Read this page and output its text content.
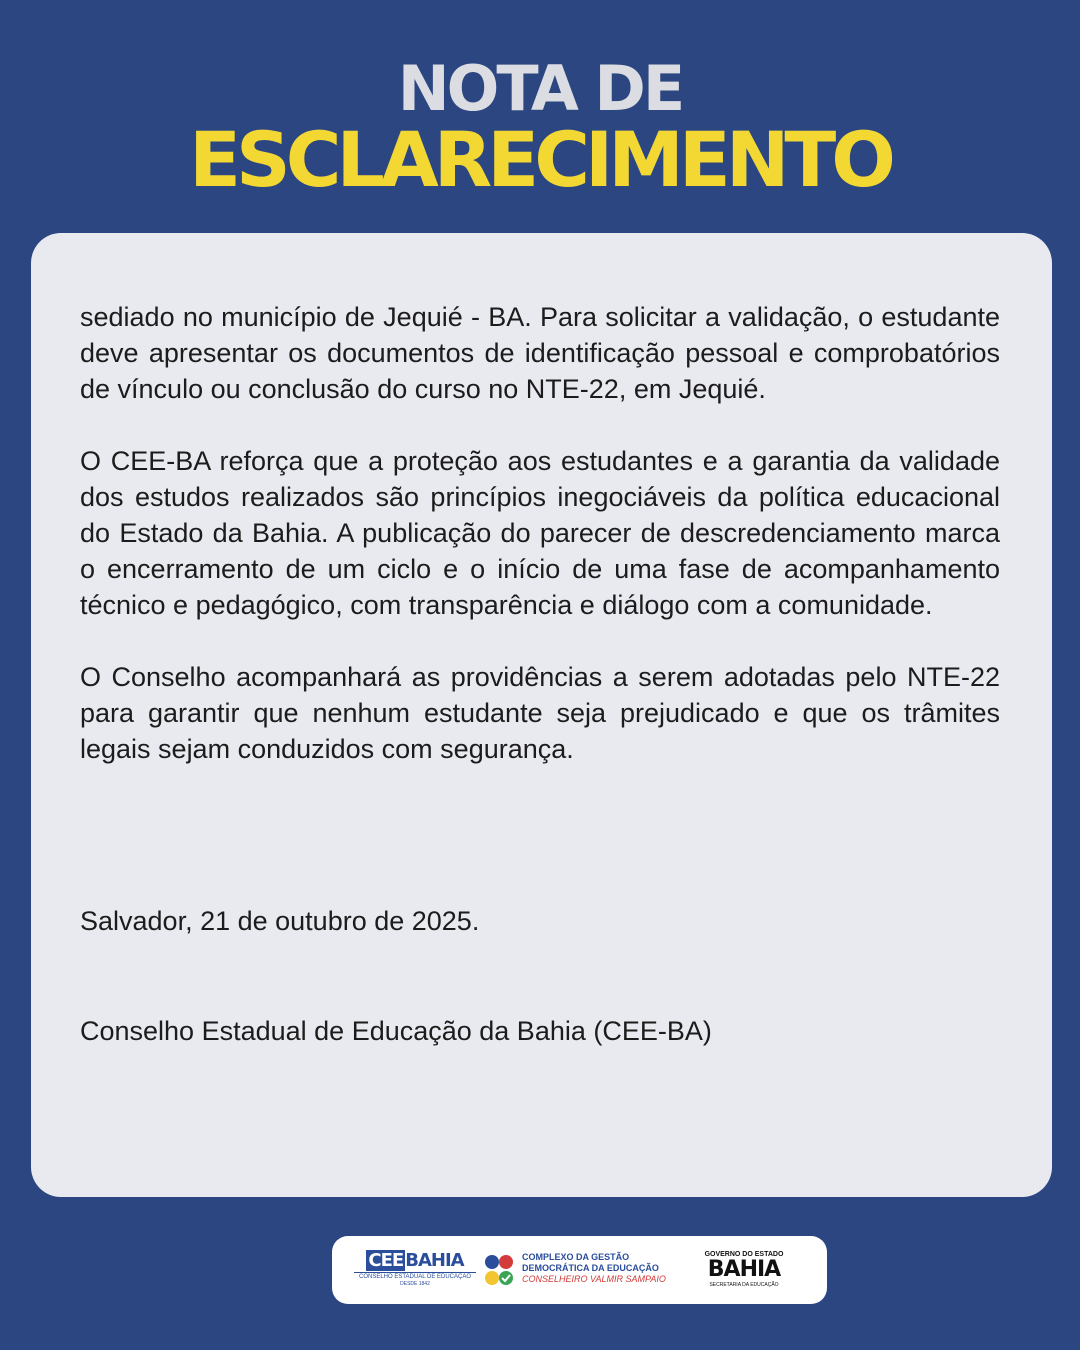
NOTA DE
ESCLARECIMENTO

sediado no município de Jequié - BA. Para solicitar a validação, o estudante deve apresentar os documentos de identificação pessoal e comprobatórios de vínculo ou conclusão do curso no NTE-22, em Jequié.

O CEE-BA reforça que a proteção aos estudantes e a garantia da validade dos estudos realizados são princípios inegociáveis da política educacional do Estado da Bahia. A publicação do parecer de descredenciamento marca o encerramento de um ciclo e o início de uma fase de acompanhamento técnico e pedagógico, com transparência e diálogo com a comunidade.

O Conselho acompanhará as providências a serem adotadas pelo NTE-22 para garantir que nenhum estudante seja prejudicado e que os trâmites legais sejam conduzidos com segurança.

Salvador, 21 de outubro de 2025.
Conselho Estadual de Educação da Bahia (CEE-BA)
CEE BAHIA
CONSELHO ESTADUAL DE EDUCAÇÃO
DESDE 1842
COMPLEXO DA GESTÃO
DEMOCRÁTICA DA EDUCAÇÃO
CONSELHEIRO VALMIR SAMPAIO
GOVERNO DO ESTADO
BAHIA
SECRETARIA DA EDUCAÇÃO
